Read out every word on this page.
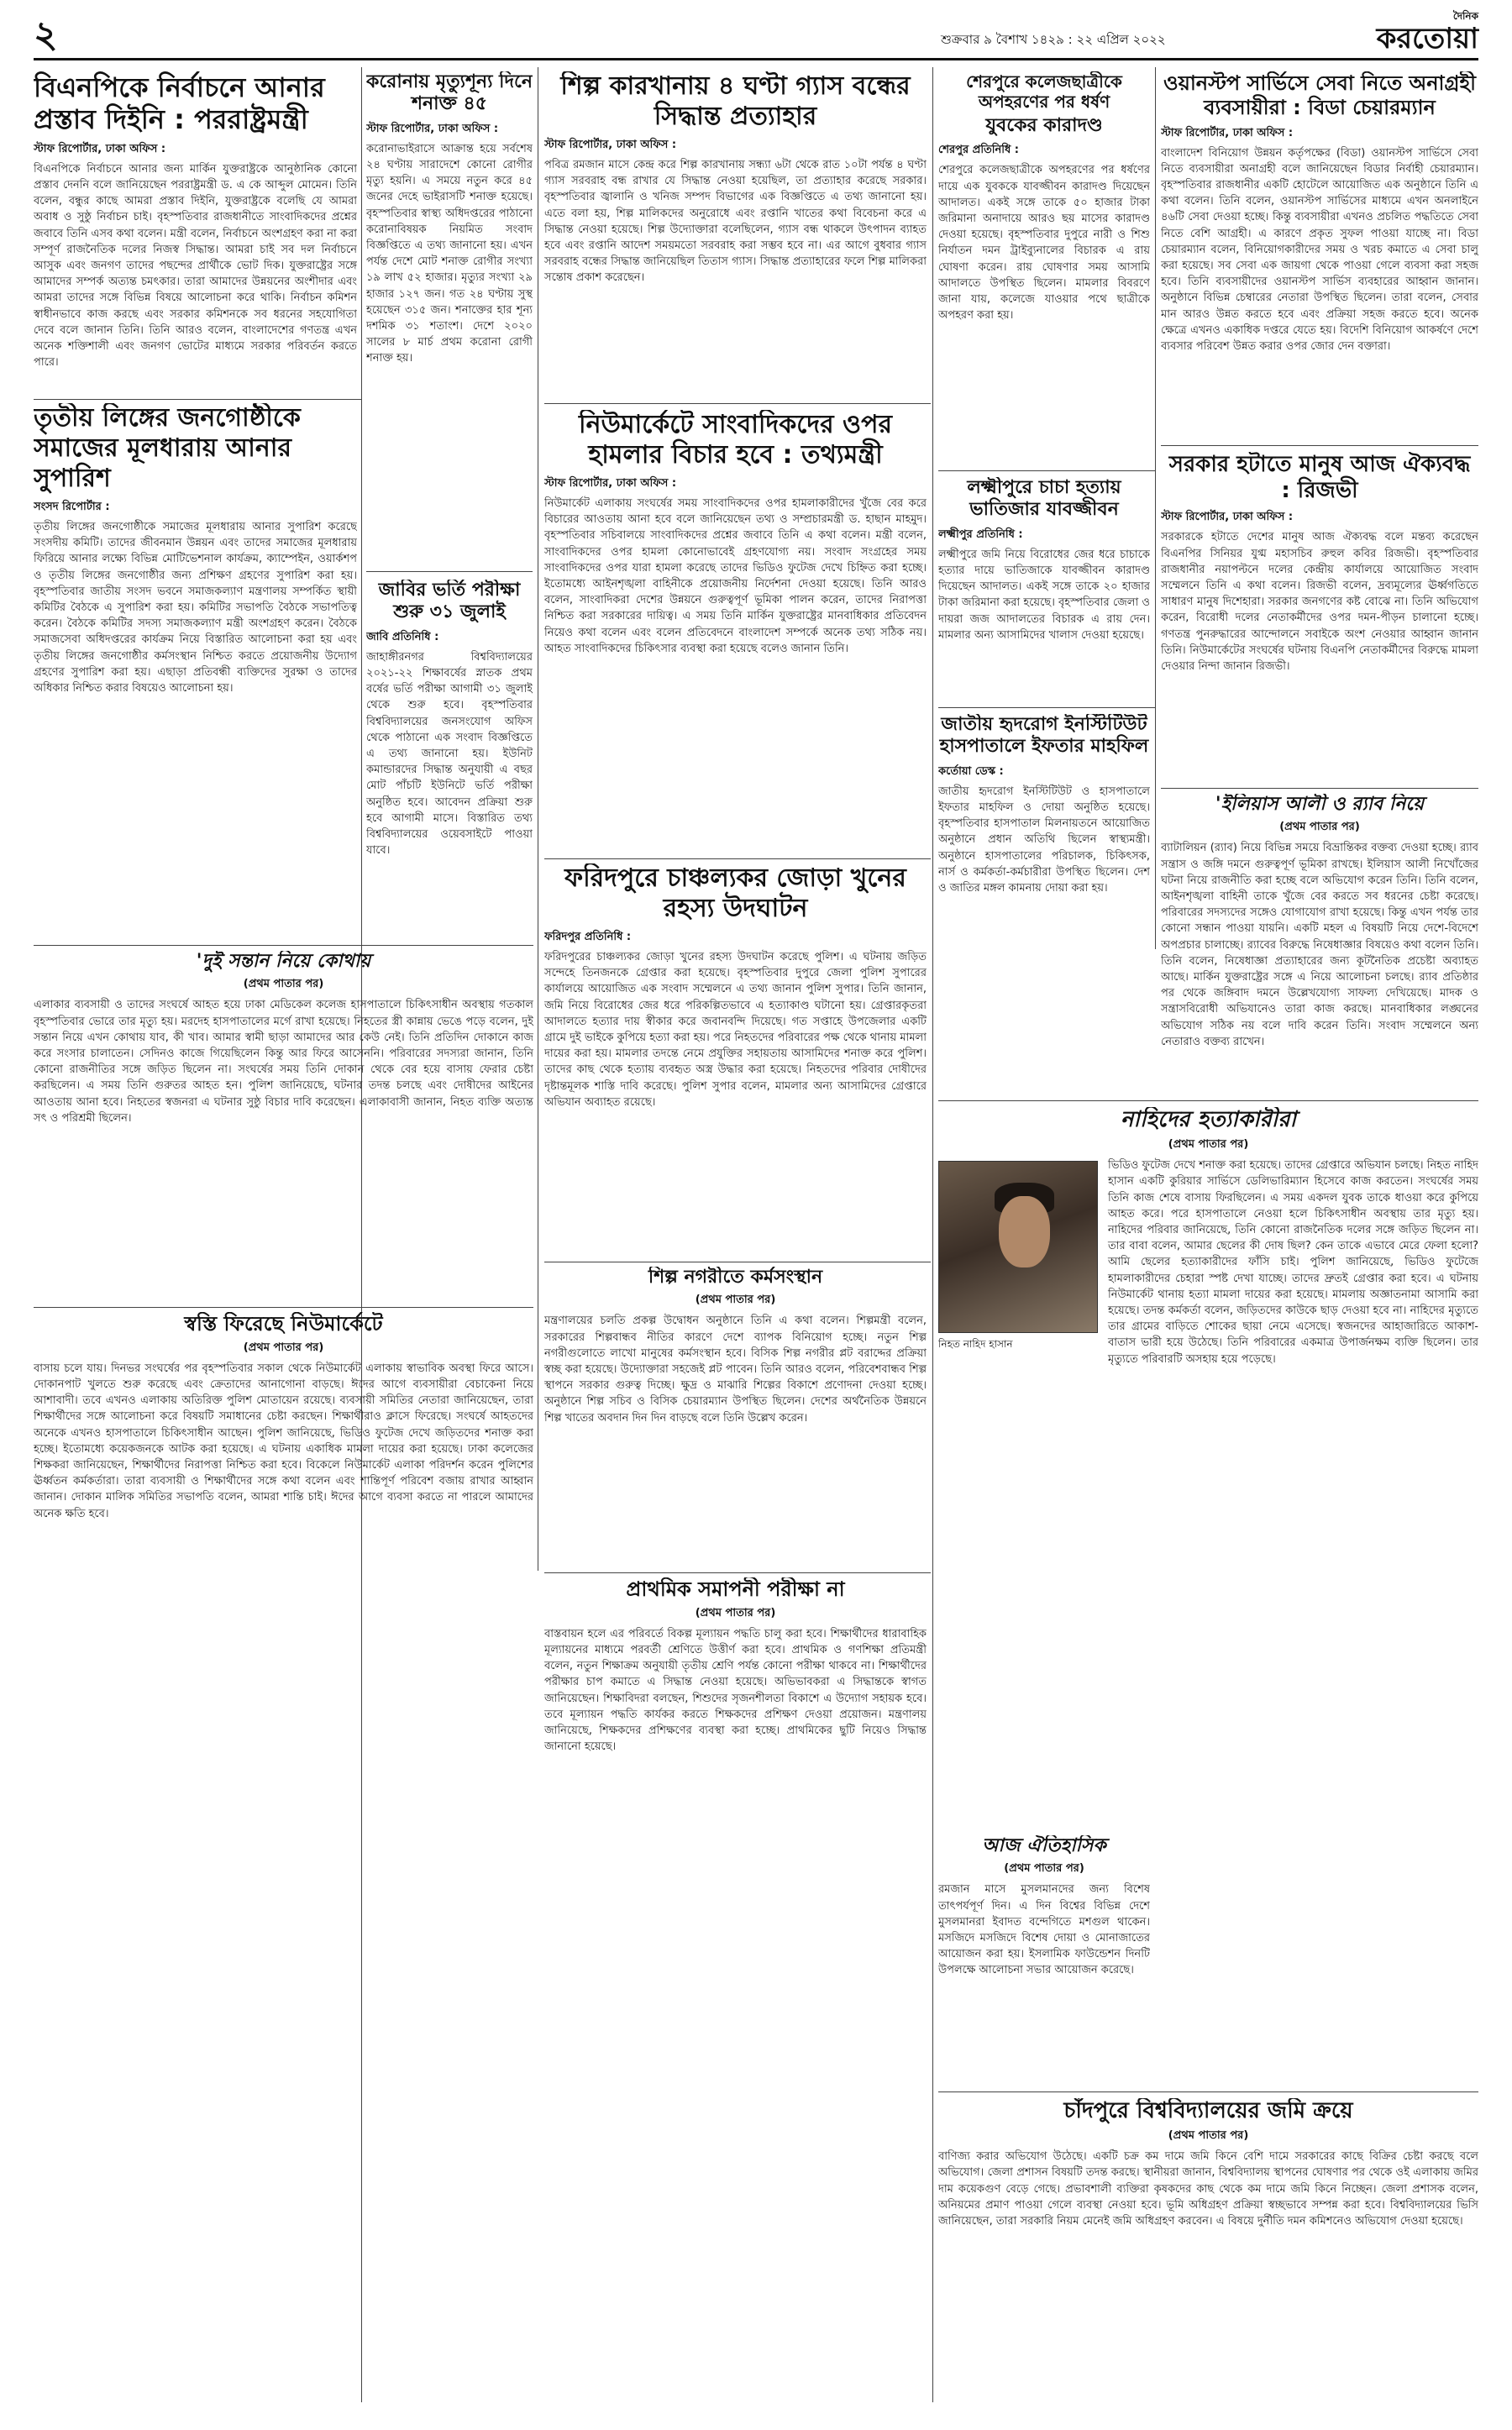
২	শুক্রবার ৯ বৈশাখ ১৪২৯ : ২২ এপ্রিল ২০২২
দৈনিক
করতোয়া
বিএনপিকে নির্বাচনে আনার প্রস্তাব দিইনি : পররাষ্ট্রমন্ত্রী
স্টাফ রিপোর্টার, ঢাকা অফিস :
বিএনপিকে নির্বাচনে আনার জন্য মার্কিন যুক্তরাষ্ট্রকে আনুষ্ঠানিক কোনো প্রস্তাব দেননি বলে জানিয়েছেন পররাষ্ট্রমন্ত্রী ড. এ কে আব্দুল মোমেন। তিনি বলেন, বন্ধুর কাছে আমরা প্রস্তাব দিইনি, যুক্তরাষ্ট্রকে বলেছি যে আমরা অবাধ ও সুষ্ঠু নির্বাচন চাই। বৃহস্পতিবার রাজধানীতে সাংবাদিকদের প্রশ্নের জবাবে তিনি এসব কথা বলেন। মন্ত্রী বলেন, নির্বাচনে অংশগ্রহণ করা না করা সম্পূর্ণ রাজনৈতিক দলের নিজস্ব সিদ্ধান্ত। আমরা চাই সব দল নির্বাচনে আসুক এবং জনগণ তাদের পছন্দের প্রার্থীকে ভোট দিক। যুক্তরাষ্ট্রের সঙ্গে আমাদের সম্পর্ক অত্যন্ত চমৎকার। তারা আমাদের উন্নয়নের অংশীদার এবং আমরা তাদের সঙ্গে বিভিন্ন বিষয়ে আলোচনা করে থাকি। নির্বাচন কমিশন স্বাধীনভাবে কাজ করছে এবং সরকার কমিশনকে সব ধরনের সহযোগিতা দেবে বলে জানান তিনি। তিনি আরও বলেন, বাংলাদেশের গণতন্ত্র এখন অনেক শক্তিশালী এবং জনগণ ভোটের মাধ্যমে সরকার পরিবর্তন করতে পারে।
তৃতীয় লিঙ্গের জনগোষ্ঠীকে সমাজের মূলধারায় আনার সুপারিশ
সংসদ রিপোর্টার :
তৃতীয় লিঙ্গের জনগোষ্ঠীকে সমাজের মূলধারায় আনার সুপারিশ করেছে সংসদীয় কমিটি। তাদের জীবনমান উন্নয়ন এবং তাদের সমাজের মূলধারায় ফিরিয়ে আনার লক্ষ্যে বিভিন্ন মোটিভেশনাল কার্যক্রম, ক্যাম্পেইন, ওয়ার্কশপ ও তৃতীয় লিঙ্গের জনগোষ্ঠীর জন্য প্রশিক্ষণ গ্রহণের সুপারিশ করা হয়। বৃহস্পতিবার জাতীয় সংসদ ভবনে সমাজকল্যাণ মন্ত্রণালয় সম্পর্কিত স্থায়ী কমিটির বৈঠকে এ সুপারিশ করা হয়। কমিটির সভাপতি বৈঠকে সভাপতিত্ব করেন। বৈঠকে কমিটির সদস্য সমাজকল্যাণ মন্ত্রী অংশগ্রহণ করেন। বৈঠকে সমাজসেবা অধিদপ্তরের কার্যক্রম নিয়ে বিস্তারিত আলোচনা করা হয় এবং তৃতীয় লিঙ্গের জনগোষ্ঠীর কর্মসংস্থান নিশ্চিত করতে প্রয়োজনীয় উদ্যোগ গ্রহণের সুপারিশ করা হয়। এছাড়া প্রতিবন্ধী ব্যক্তিদের সুরক্ষা ও তাদের অধিকার নিশ্চিত করার বিষয়েও আলোচনা হয়।
করোনায় মৃত্যুশূন্য দিনে শনাক্ত ৪৫
স্টাফ রিপোর্টার, ঢাকা অফিস :
করোনাভাইরাসে আক্রান্ত হয়ে সর্বশেষ ২৪ ঘণ্টায় সারাদেশে কোনো রোগীর মৃত্যু হয়নি। এ সময়ে নতুন করে ৪৫ জনের দেহে ভাইরাসটি শনাক্ত হয়েছে। বৃহস্পতিবার স্বাস্থ্য অধিদপ্তরের পাঠানো করোনাবিষয়ক নিয়মিত সংবাদ বিজ্ঞপ্তিতে এ তথ্য জানানো হয়। এখন পর্যন্ত দেশে মোট শনাক্ত রোগীর সংখ্যা ১৯ লাখ ৫২ হাজার। মৃত্যুর সংখ্যা ২৯ হাজার ১২৭ জন। গত ২৪ ঘণ্টায় সুস্থ হয়েছেন ৩১৫ জন। শনাক্তের হার শূন্য দশমিক ৩১ শতাংশ। দেশে ২০২০ সালের ৮ মার্চ প্রথম করোনা রোগী শনাক্ত হয়।
জাবির ভর্তি পরীক্ষা শুরু ৩১ জুলাই
জাবি প্রতিনিধি :
জাহাঙ্গীরনগর বিশ্ববিদ্যালয়ের ২০২১-২২ শিক্ষাবর্ষের স্নাতক প্রথম বর্ষের ভর্তি পরীক্ষা আগামী ৩১ জুলাই থেকে শুরু হবে। বৃহস্পতিবার বিশ্ববিদ্যালয়ের জনসংযোগ অফিস থেকে পাঠানো এক সংবাদ বিজ্ঞপ্তিতে এ তথ্য জানানো হয়। ইউনিট কমান্ডারদের সিদ্ধান্ত অনুযায়ী এ বছর মোট পাঁচটি ইউনিটে ভর্তি পরীক্ষা অনুষ্ঠিত হবে। আবেদন প্রক্রিয়া শুরু হবে আগামী মাসে। বিস্তারিত তথ্য বিশ্ববিদ্যালয়ের ওয়েবসাইটে পাওয়া যাবে।
শিল্প কারখানায় ৪ ঘণ্টা গ্যাস বন্ধের সিদ্ধান্ত প্রত্যাহার
স্টাফ রিপোর্টার, ঢাকা অফিস :
পবিত্র রমজান মাসে কেন্দ্র করে শিল্প কারখানায় সন্ধ্যা ৬টা থেকে রাত ১০টা পর্যন্ত ৪ ঘণ্টা গ্যাস সরবরাহ বন্ধ রাখার যে সিদ্ধান্ত নেওয়া হয়েছিল, তা প্রত্যাহার করেছে সরকার। বৃহস্পতিবার জ্বালানি ও খনিজ সম্পদ বিভাগের এক বিজ্ঞপ্তিতে এ তথ্য জানানো হয়। এতে বলা হয়, শিল্প মালিকদের অনুরোধে এবং রপ্তানি খাতের কথা বিবেচনা করে এ সিদ্ধান্ত নেওয়া হয়েছে। শিল্প উদ্যোক্তারা বলেছিলেন, গ্যাস বন্ধ থাকলে উৎপাদন ব্যাহত হবে এবং রপ্তানি আদেশ সময়মতো সরবরাহ করা সম্ভব হবে না। এর আগে বুধবার গ্যাস সরবরাহ বন্ধের সিদ্ধান্ত জানিয়েছিল তিতাস গ্যাস। সিদ্ধান্ত প্রত্যাহারের ফলে শিল্প মালিকরা সন্তোষ প্রকাশ করেছেন।
নিউমার্কেটে সাংবাদিকদের ওপর হামলার বিচার হবে : তথ্যমন্ত্রী
স্টাফ রিপোর্টার, ঢাকা অফিস :
নিউমার্কেট এলাকায় সংঘর্ষের সময় সাংবাদিকদের ওপর হামলাকারীদের খুঁজে বের করে বিচারের আওতায় আনা হবে বলে জানিয়েছেন তথ্য ও সম্প্রচারমন্ত্রী ড. হাছান মাহমুদ। বৃহস্পতিবার সচিবালয়ে সাংবাদিকদের প্রশ্নের জবাবে তিনি এ কথা বলেন। মন্ত্রী বলেন, সাংবাদিকদের ওপর হামলা কোনোভাবেই গ্রহণযোগ্য নয়। সংবাদ সংগ্রহের সময় সাংবাদিকদের ওপর যারা হামলা করেছে তাদের ভিডিও ফুটেজ দেখে চিহ্নিত করা হচ্ছে। ইতোমধ্যে আইনশৃঙ্খলা বাহিনীকে প্রয়োজনীয় নির্দেশনা দেওয়া হয়েছে। তিনি আরও বলেন, সাংবাদিকরা দেশের উন্নয়নে গুরুত্বপূর্ণ ভূমিকা পালন করেন, তাদের নিরাপত্তা নিশ্চিত করা সরকারের দায়িত্ব। এ সময় তিনি মার্কিন যুক্তরাষ্ট্রের মানবাধিকার প্রতিবেদন নিয়েও কথা বলেন এবং বলেন প্রতিবেদনে বাংলাদেশ সম্পর্কে অনেক তথ্য সঠিক নয়। আহত সাংবাদিকদের চিকিৎসার ব্যবস্থা করা হয়েছে বলেও জানান তিনি।
ফরিদপুরে চাঞ্চল্যকর জোড়া খুনের রহস্য উদঘাটন
ফরিদপুর প্রতিনিধি :
ফরিদপুরের চাঞ্চল্যকর জোড়া খুনের রহস্য উদঘাটন করেছে পুলিশ। এ ঘটনায় জড়িত সন্দেহে তিনজনকে গ্রেপ্তার করা হয়েছে। বৃহস্পতিবার দুপুরে জেলা পুলিশ সুপারের কার্যালয়ে আয়োজিত এক সংবাদ সম্মেলনে এ তথ্য জানান পুলিশ সুপার। তিনি জানান, জমি নিয়ে বিরোধের জের ধরে পরিকল্পিতভাবে এ হত্যাকাণ্ড ঘটানো হয়। গ্রেপ্তারকৃতরা আদালতে হত্যার দায় স্বীকার করে জবানবন্দি দিয়েছে। গত সপ্তাহে উপজেলার একটি গ্রামে দুই ভাইকে কুপিয়ে হত্যা করা হয়। পরে নিহতদের পরিবারের পক্ষ থেকে থানায় মামলা দায়ের করা হয়। মামলার তদন্তে নেমে প্রযুক্তির সহায়তায় আসামিদের শনাক্ত করে পুলিশ। তাদের কাছ থেকে হত্যায় ব্যবহৃত অস্ত্র উদ্ধার করা হয়েছে। নিহতদের পরিবার দোষীদের দৃষ্টান্তমূলক শাস্তি দাবি করেছে। পুলিশ সুপার বলেন, মামলার অন্য আসামিদের গ্রেপ্তারে অভিযান অব্যাহত রয়েছে।
শিল্প নগরীতে কর্মসংস্থান
(প্রথম পাতার পর)
মন্ত্রণালয়ের চলতি প্রকল্প উদ্বোধন অনুষ্ঠানে তিনি এ কথা বলেন। শিল্পমন্ত্রী বলেন, সরকারের শিল্পবান্ধব নীতির কারণে দেশে ব্যাপক বিনিয়োগ হচ্ছে। নতুন শিল্প নগরীগুলোতে লাখো মানুষের কর্মসংস্থান হবে। বিসিক শিল্প নগরীর প্লট বরাদ্দের প্রক্রিয়া স্বচ্ছ করা হয়েছে। উদ্যোক্তারা সহজেই প্লট পাবেন। তিনি আরও বলেন, পরিবেশবান্ধব শিল্প স্থাপনে সরকার গুরুত্ব দিচ্ছে। ক্ষুদ্র ও মাঝারি শিল্পের বিকাশে প্রণোদনা দেওয়া হচ্ছে। অনুষ্ঠানে শিল্প সচিব ও বিসিক চেয়ারম্যান উপস্থিত ছিলেন। দেশের অর্থনৈতিক উন্নয়নে শিল্প খাতের অবদান দিন দিন বাড়ছে বলে তিনি উল্লেখ করেন।
শেরপুরে কলেজছাত্রীকে অপহরণের পর ধর্ষণ
যুবকের কারাদণ্ড
শেরপুর প্রতিনিধি :
শেরপুরে কলেজছাত্রীকে অপহরণের পর ধর্ষণের দায়ে এক যুবককে যাবজ্জীবন কারাদণ্ড দিয়েছেন আদালত। একই সঙ্গে তাকে ৫০ হাজার টাকা জরিমানা অনাদায়ে আরও ছয় মাসের কারাদণ্ড দেওয়া হয়েছে। বৃহস্পতিবার দুপুরে নারী ও শিশু নির্যাতন দমন ট্রাইব্যুনালের বিচারক এ রায় ঘোষণা করেন। রায় ঘোষণার সময় আসামি আদালতে উপস্থিত ছিলেন। মামলার বিবরণে জানা যায়, কলেজে যাওয়ার পথে ছাত্রীকে অপহরণ করা হয়।
লক্ষ্মীপুরে চাচা হত্যায় ভাতিজার যাবজ্জীবন
লক্ষ্মীপুর প্রতিনিধি :
লক্ষ্মীপুরে জমি নিয়ে বিরোধের জের ধরে চাচাকে হত্যার দায়ে ভাতিজাকে যাবজ্জীবন কারাদণ্ড দিয়েছেন আদালত। একই সঙ্গে তাকে ২০ হাজার টাকা জরিমানা করা হয়েছে। বৃহস্পতিবার জেলা ও দায়রা জজ আদালতের বিচারক এ রায় দেন। মামলার অন্য আসামিদের খালাস দেওয়া হয়েছে।
জাতীয় হৃদরোগ ইনস্টিটিউট হাসপাতালে ইফতার মাহফিল
কর্তোয়া ডেস্ক :
জাতীয় হৃদরোগ ইনস্টিটিউট ও হাসপাতালে ইফতার মাহফিল ও দোয়া অনুষ্ঠিত হয়েছে। বৃহস্পতিবার হাসপাতাল মিলনায়তনে আয়োজিত অনুষ্ঠানে প্রধান অতিথি ছিলেন স্বাস্থ্যমন্ত্রী। অনুষ্ঠানে হাসপাতালের পরিচালক, চিকিৎসক, নার্স ও কর্মকর্তা-কর্মচারীরা উপস্থিত ছিলেন। দেশ ও জাতির মঙ্গল কামনায় দোয়া করা হয়।
ওয়ানস্টপ সার্ভিসে সেবা নিতে অনাগ্রহী ব্যবসায়ীরা : বিডা চেয়ারম্যান
স্টাফ রিপোর্টার, ঢাকা অফিস :
বাংলাদেশ বিনিয়োগ উন্নয়ন কর্তৃপক্ষের (বিডা) ওয়ানস্টপ সার্ভিসে সেবা নিতে ব্যবসায়ীরা অনাগ্রহী বলে জানিয়েছেন বিডার নির্বাহী চেয়ারম্যান। বৃহস্পতিবার রাজধানীর একটি হোটেলে আয়োজিত এক অনুষ্ঠানে তিনি এ কথা বলেন। তিনি বলেন, ওয়ানস্টপ সার্ভিসের মাধ্যমে এখন অনলাইনে ৪৬টি সেবা দেওয়া হচ্ছে। কিন্তু ব্যবসায়ীরা এখনও প্রচলিত পদ্ধতিতে সেবা নিতে বেশি আগ্রহী। এ কারণে প্রকৃত সুফল পাওয়া যাচ্ছে না। বিডা চেয়ারম্যান বলেন, বিনিয়োগকারীদের সময় ও খরচ কমাতে এ সেবা চালু করা হয়েছে। সব সেবা এক জায়গা থেকে পাওয়া গেলে ব্যবসা করা সহজ হবে। তিনি ব্যবসায়ীদের ওয়ানস্টপ সার্ভিস ব্যবহারের আহ্বান জানান। অনুষ্ঠানে বিভিন্ন চেম্বারের নেতারা উপস্থিত ছিলেন। তারা বলেন, সেবার মান আরও উন্নত করতে হবে এবং প্রক্রিয়া সহজ করতে হবে। অনেক ক্ষেত্রে এখনও একাধিক দপ্তরে যেতে হয়। বিদেশি বিনিয়োগ আকর্ষণে দেশে ব্যবসার পরিবেশ উন্নত করার ওপর জোর দেন বক্তারা।
সরকার হটাতে মানুষ আজ ঐক্যবদ্ধ : রিজভী
স্টাফ রিপোর্টার, ঢাকা অফিস :
সরকারকে হটাতে দেশের মানুষ আজ ঐক্যবদ্ধ বলে মন্তব্য করেছেন বিএনপির সিনিয়র যুগ্ম মহাসচিব রুহুল কবির রিজভী। বৃহস্পতিবার রাজধানীর নয়াপল্টনে দলের কেন্দ্রীয় কার্যালয়ে আয়োজিত সংবাদ সম্মেলনে তিনি এ কথা বলেন। রিজভী বলেন, দ্রব্যমূল্যের ঊর্ধ্বগতিতে সাধারণ মানুষ দিশেহারা। সরকার জনগণের কষ্ট বোঝে না। তিনি অভিযোগ করেন, বিরোধী দলের নেতাকর্মীদের ওপর দমন-পীড়ন চালানো হচ্ছে। গণতন্ত্র পুনরুদ্ধারের আন্দোলনে সবাইকে অংশ নেওয়ার আহ্বান জানান তিনি। নিউমার্কেটের সংঘর্ষের ঘটনায় বিএনপি নেতাকর্মীদের বিরুদ্ধে মামলা দেওয়ার নিন্দা জানান রিজভী।
'ইলিয়াস আলী ও র‌্যাব নিয়ে
(প্রথম পাতার পর)
ব্যাটালিয়ন (র‌্যাব) নিয়ে বিভিন্ন সময়ে বিভ্রান্তিকর বক্তব্য দেওয়া হচ্ছে। র‌্যাব সন্ত্রাস ও জঙ্গি দমনে গুরুত্বপূর্ণ ভূমিকা রাখছে। ইলিয়াস আলী নিখোঁজের ঘটনা নিয়ে রাজনীতি করা হচ্ছে বলে অভিযোগ করেন তিনি। তিনি বলেন, আইনশৃঙ্খলা বাহিনী তাকে খুঁজে বের করতে সব ধরনের চেষ্টা করেছে। পরিবারের সদস্যদের সঙ্গেও যোগাযোগ রাখা হয়েছে। কিন্তু এখন পর্যন্ত তার কোনো সন্ধান পাওয়া যায়নি। একটি মহল এ বিষয়টি নিয়ে দেশে-বিদেশে অপপ্রচার চালাচ্ছে। র‌্যাবের বিরুদ্ধে নিষেধাজ্ঞার বিষয়েও কথা বলেন তিনি। তিনি বলেন, নিষেধাজ্ঞা প্রত্যাহারের জন্য কূটনৈতিক প্রচেষ্টা অব্যাহত আছে। মার্কিন যুক্তরাষ্ট্রের সঙ্গে এ নিয়ে আলোচনা চলছে। র‌্যাব প্রতিষ্ঠার পর থেকে জঙ্গিবাদ দমনে উল্লেখযোগ্য সাফল্য দেখিয়েছে। মাদক ও সন্ত্রাসবিরোধী অভিযানেও তারা কাজ করছে। মানবাধিকার লঙ্ঘনের অভিযোগ সঠিক নয় বলে দাবি করেন তিনি। সংবাদ সম্মেলনে অন্য নেতারাও বক্তব্য রাখেন।
নাহিদের হত্যাকারীরা
(প্রথম পাতার পর)
নিহত নাহিদ হাসান
ভিডিও ফুটেজ দেখে শনাক্ত করা হয়েছে। তাদের গ্রেপ্তারে অভিযান চলছে। নিহত নাহিদ হাসান একটি কুরিয়ার সার্ভিসে ডেলিভারিম্যান হিসেবে কাজ করতেন। সংঘর্ষের সময় তিনি কাজ শেষে বাসায় ফিরছিলেন। এ সময় একদল যুবক তাকে ধাওয়া করে কুপিয়ে আহত করে। পরে হাসপাতালে নেওয়া হলে চিকিৎসাধীন অবস্থায় তার মৃত্যু হয়। নাহিদের পরিবার জানিয়েছে, তিনি কোনো রাজনৈতিক দলের সঙ্গে জড়িত ছিলেন না। তার বাবা বলেন, আমার ছেলের কী দোষ ছিল? কেন তাকে এভাবে মেরে ফেলা হলো? আমি ছেলের হত্যাকারীদের ফাঁসি চাই। পুলিশ জানিয়েছে, ভিডিও ফুটেজে হামলাকারীদের চেহারা স্পষ্ট দেখা যাচ্ছে। তাদের দ্রুতই গ্রেপ্তার করা হবে। এ ঘটনায় নিউমার্কেট থানায় হত্যা মামলা দায়ের করা হয়েছে। মামলায় অজ্ঞাতনামা আসামি করা হয়েছে। তদন্ত কর্মকর্তা বলেন, জড়িতদের কাউকে ছাড় দেওয়া হবে না। নাহিদের মৃত্যুতে তার গ্রামের বাড়িতে শোকের ছায়া নেমে এসেছে। স্বজনদের আহাজারিতে আকাশ-বাতাস ভারী হয়ে উঠেছে। তিনি পরিবারের একমাত্র উপার্জনক্ষম ব্যক্তি ছিলেন। তার মৃত্যুতে পরিবারটি অসহায় হয়ে পড়েছে।
আজ ঐতিহাসিক
(প্রথম পাতার পর)
রমজান মাসে মুসলমানদের জন্য বিশেষ তাৎপর্যপূর্ণ দিন। এ দিন বিশ্বের বিভিন্ন দেশে মুসলমানরা ইবাদত বন্দেগিতে মশগুল থাকেন। মসজিদে মসজিদে বিশেষ দোয়া ও মোনাজাতের আয়োজন করা হয়। ইসলামিক ফাউন্ডেশন দিনটি উপলক্ষে আলোচনা সভার আয়োজন করেছে।
চাঁদপুরে বিশ্ববিদ্যালয়ের জমি ক্রয়ে
(প্রথম পাতার পর)
বাণিজ্য করার অভিযোগ উঠেছে। একটি চক্র কম দামে জমি কিনে বেশি দামে সরকারের কাছে বিক্রির চেষ্টা করছে বলে অভিযোগ। জেলা প্রশাসন বিষয়টি তদন্ত করছে। স্থানীয়রা জানান, বিশ্ববিদ্যালয় স্থাপনের ঘোষণার পর থেকে ওই এলাকায় জমির দাম কয়েকগুণ বেড়ে গেছে। প্রভাবশালী ব্যক্তিরা কৃষকদের কাছ থেকে কম দামে জমি কিনে নিচ্ছেন। জেলা প্রশাসক বলেন, অনিয়মের প্রমাণ পাওয়া গেলে ব্যবস্থা নেওয়া হবে। ভূমি অধিগ্রহণ প্রক্রিয়া স্বচ্ছভাবে সম্পন্ন করা হবে। বিশ্ববিদ্যালয়ের ভিসি জানিয়েছেন, তারা সরকারি নিয়ম মেনেই জমি অধিগ্রহণ করবেন। এ বিষয়ে দুর্নীতি দমন কমিশনেও অভিযোগ দেওয়া হয়েছে।
'দুই সন্তান নিয়ে কোথায়
(প্রথম পাতার পর)
এলাকার ব্যবসায়ী ও তাদের সংঘর্ষে আহত হয়ে ঢাকা মেডিকেল কলেজ হাসপাতালে চিকিৎসাধীন অবস্থায় গতকাল বৃহস্পতিবার ভোরে তার মৃত্যু হয়। মরদেহ হাসপাতালের মর্গে রাখা হয়েছে। নিহতের স্ত্রী কান্নায় ভেঙে পড়ে বলেন, দুই সন্তান নিয়ে এখন কোথায় যাব, কী খাব। আমার স্বামী ছাড়া আমাদের আর কেউ নেই। তিনি প্রতিদিন দোকানে কাজ করে সংসার চালাতেন। সেদিনও কাজে গিয়েছিলেন কিন্তু আর ফিরে আসেননি। পরিবারের সদস্যরা জানান, তিনি কোনো রাজনীতির সঙ্গে জড়িত ছিলেন না। সংঘর্ষের সময় তিনি দোকান থেকে বের হয়ে বাসায় ফেরার চেষ্টা করছিলেন। এ সময় তিনি গুরুতর আহত হন। পুলিশ জানিয়েছে, ঘটনার তদন্ত চলছে এবং দোষীদের আইনের আওতায় আনা হবে। নিহতের স্বজনরা এ ঘটনার সুষ্ঠু বিচার দাবি করেছেন। এলাকাবাসী জানান, নিহত ব্যক্তি অত্যন্ত সৎ ও পরিশ্রমী ছিলেন।
স্বস্তি ফিরেছে নিউমার্কেটে
(প্রথম পাতার পর)
বাসায় চলে যায়। দিনভর সংঘর্ষের পর বৃহস্পতিবার সকাল থেকে নিউমার্কেট এলাকায় স্বাভাবিক অবস্থা ফিরে আসে। দোকানপাট খুলতে শুরু করেছে এবং ক্রেতাদের আনাগোনা বাড়ছে। ঈদের আগে ব্যবসায়ীরা বেচাকেনা নিয়ে আশাবাদী। তবে এখনও এলাকায় অতিরিক্ত পুলিশ মোতায়েন রয়েছে। ব্যবসায়ী সমিতির নেতারা জানিয়েছেন, তারা শিক্ষার্থীদের সঙ্গে আলোচনা করে বিষয়টি সমাধানের চেষ্টা করছেন। শিক্ষার্থীরাও ক্লাসে ফিরেছে। সংঘর্ষে আহতদের অনেকে এখনও হাসপাতালে চিকিৎসাধীন আছেন। পুলিশ জানিয়েছে, ভিডিও ফুটেজ দেখে জড়িতদের শনাক্ত করা হচ্ছে। ইতোমধ্যে কয়েকজনকে আটক করা হয়েছে। এ ঘটনায় একাধিক মামলা দায়ের করা হয়েছে। ঢাকা কলেজের শিক্ষকরা জানিয়েছেন, শিক্ষার্থীদের নিরাপত্তা নিশ্চিত করা হবে। বিকেলে নিউমার্কেট এলাকা পরিদর্শন করেন পুলিশের ঊর্ধ্বতন কর্মকর্তারা। তারা ব্যবসায়ী ও শিক্ষার্থীদের সঙ্গে কথা বলেন এবং শান্তিপূর্ণ পরিবেশ বজায় রাখার আহ্বান জানান। দোকান মালিক সমিতির সভাপতি বলেন, আমরা শান্তি চাই। ঈদের আগে ব্যবসা করতে না পারলে আমাদের অনেক ক্ষতি হবে।
প্রাথমিক সমাপনী পরীক্ষা না
(প্রথম পাতার পর)
বাস্তবায়ন হলে এর পরিবর্তে বিকল্প মূল্যায়ন পদ্ধতি চালু করা হবে। শিক্ষার্থীদের ধারাবাহিক মূল্যায়নের মাধ্যমে পরবর্তী শ্রেণিতে উত্তীর্ণ করা হবে। প্রাথমিক ও গণশিক্ষা প্রতিমন্ত্রী বলেন, নতুন শিক্ষাক্রম অনুযায়ী তৃতীয় শ্রেণি পর্যন্ত কোনো পরীক্ষা থাকবে না। শিক্ষার্থীদের পরীক্ষার চাপ কমাতে এ সিদ্ধান্ত নেওয়া হয়েছে। অভিভাবকরা এ সিদ্ধান্তকে স্বাগত জানিয়েছেন। শিক্ষাবিদরা বলছেন, শিশুদের সৃজনশীলতা বিকাশে এ উদ্যোগ সহায়ক হবে। তবে মূল্যায়ন পদ্ধতি কার্যকর করতে শিক্ষকদের প্রশিক্ষণ দেওয়া প্রয়োজন। মন্ত্রণালয় জানিয়েছে, শিক্ষকদের প্রশিক্ষণের ব্যবস্থা করা হচ্ছে। প্রাথমিকের ছুটি নিয়েও সিদ্ধান্ত জানানো হয়েছে।
